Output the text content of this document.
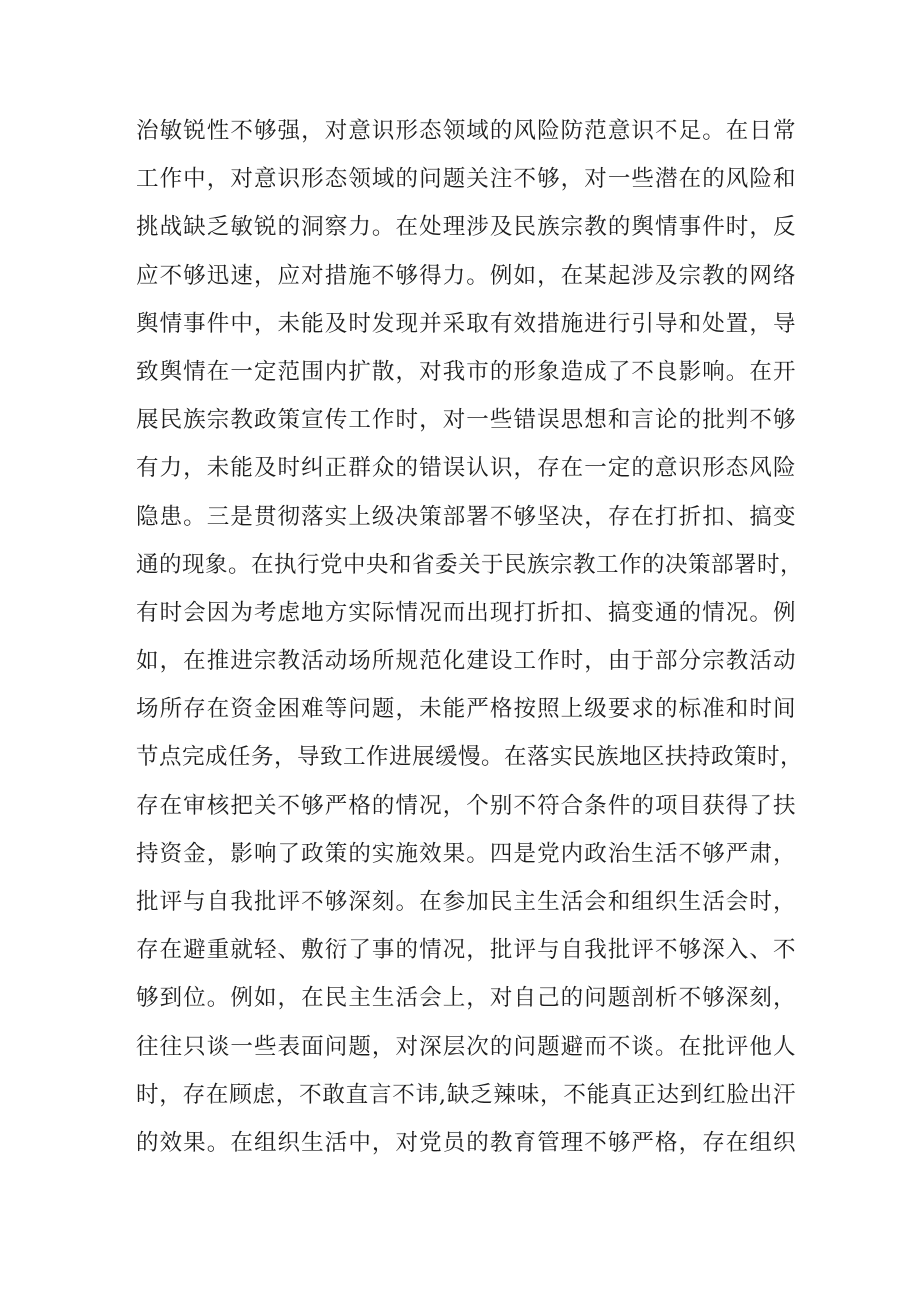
治敏锐性不够强，对意识形态领域的风险防范意识不足。在日常
工作中，对意识形态领域的问题关注不够，对一些潜在的风险和
挑战缺乏敏锐的洞察力。在处理涉及民族宗教的舆情事件时，反
应不够迅速，应对措施不够得力。例如，在某起涉及宗教的网络
舆情事件中，未能及时发现并采取有效措施进行引导和处置，导
致舆情在一定范围内扩散，对我市的形象造成了不良影响。在开
展民族宗教政策宣传工作时，对一些错误思想和言论的批判不够
有力，未能及时纠正群众的错误认识，存在一定的意识形态风险
隐患。三是贯彻落实上级决策部署不够坚决，存在打折扣、搞变
通的现象。在执行党中央和省委关于民族宗教工作的决策部署时，
有时会因为考虑地方实际情况而出现打折扣、搞变通的情况。例
如，在推进宗教活动场所规范化建设工作时，由于部分宗教活动
场所存在资金困难等问题，未能严格按照上级要求的标准和时间
节点完成任务，导致工作进展缓慢。在落实民族地区扶持政策时，
存在审核把关不够严格的情况，个别不符合条件的项目获得了扶
持资金，影响了政策的实施效果。四是党内政治生活不够严肃，
批评与自我批评不够深刻。在参加民主生活会和组织生活会时，
存在避重就轻、敷衍了事的情况，批评与自我批评不够深入、不
够到位。例如，在民主生活会上，对自己的问题剖析不够深刻，
往往只谈一些表面问题，对深层次的问题避而不谈。在批评他人
时，存在顾虑，不敢直言不讳,缺乏辣味，不能真正达到红脸出汗
的效果。在组织生活中，对党员的教育管理不够严格，存在组织
